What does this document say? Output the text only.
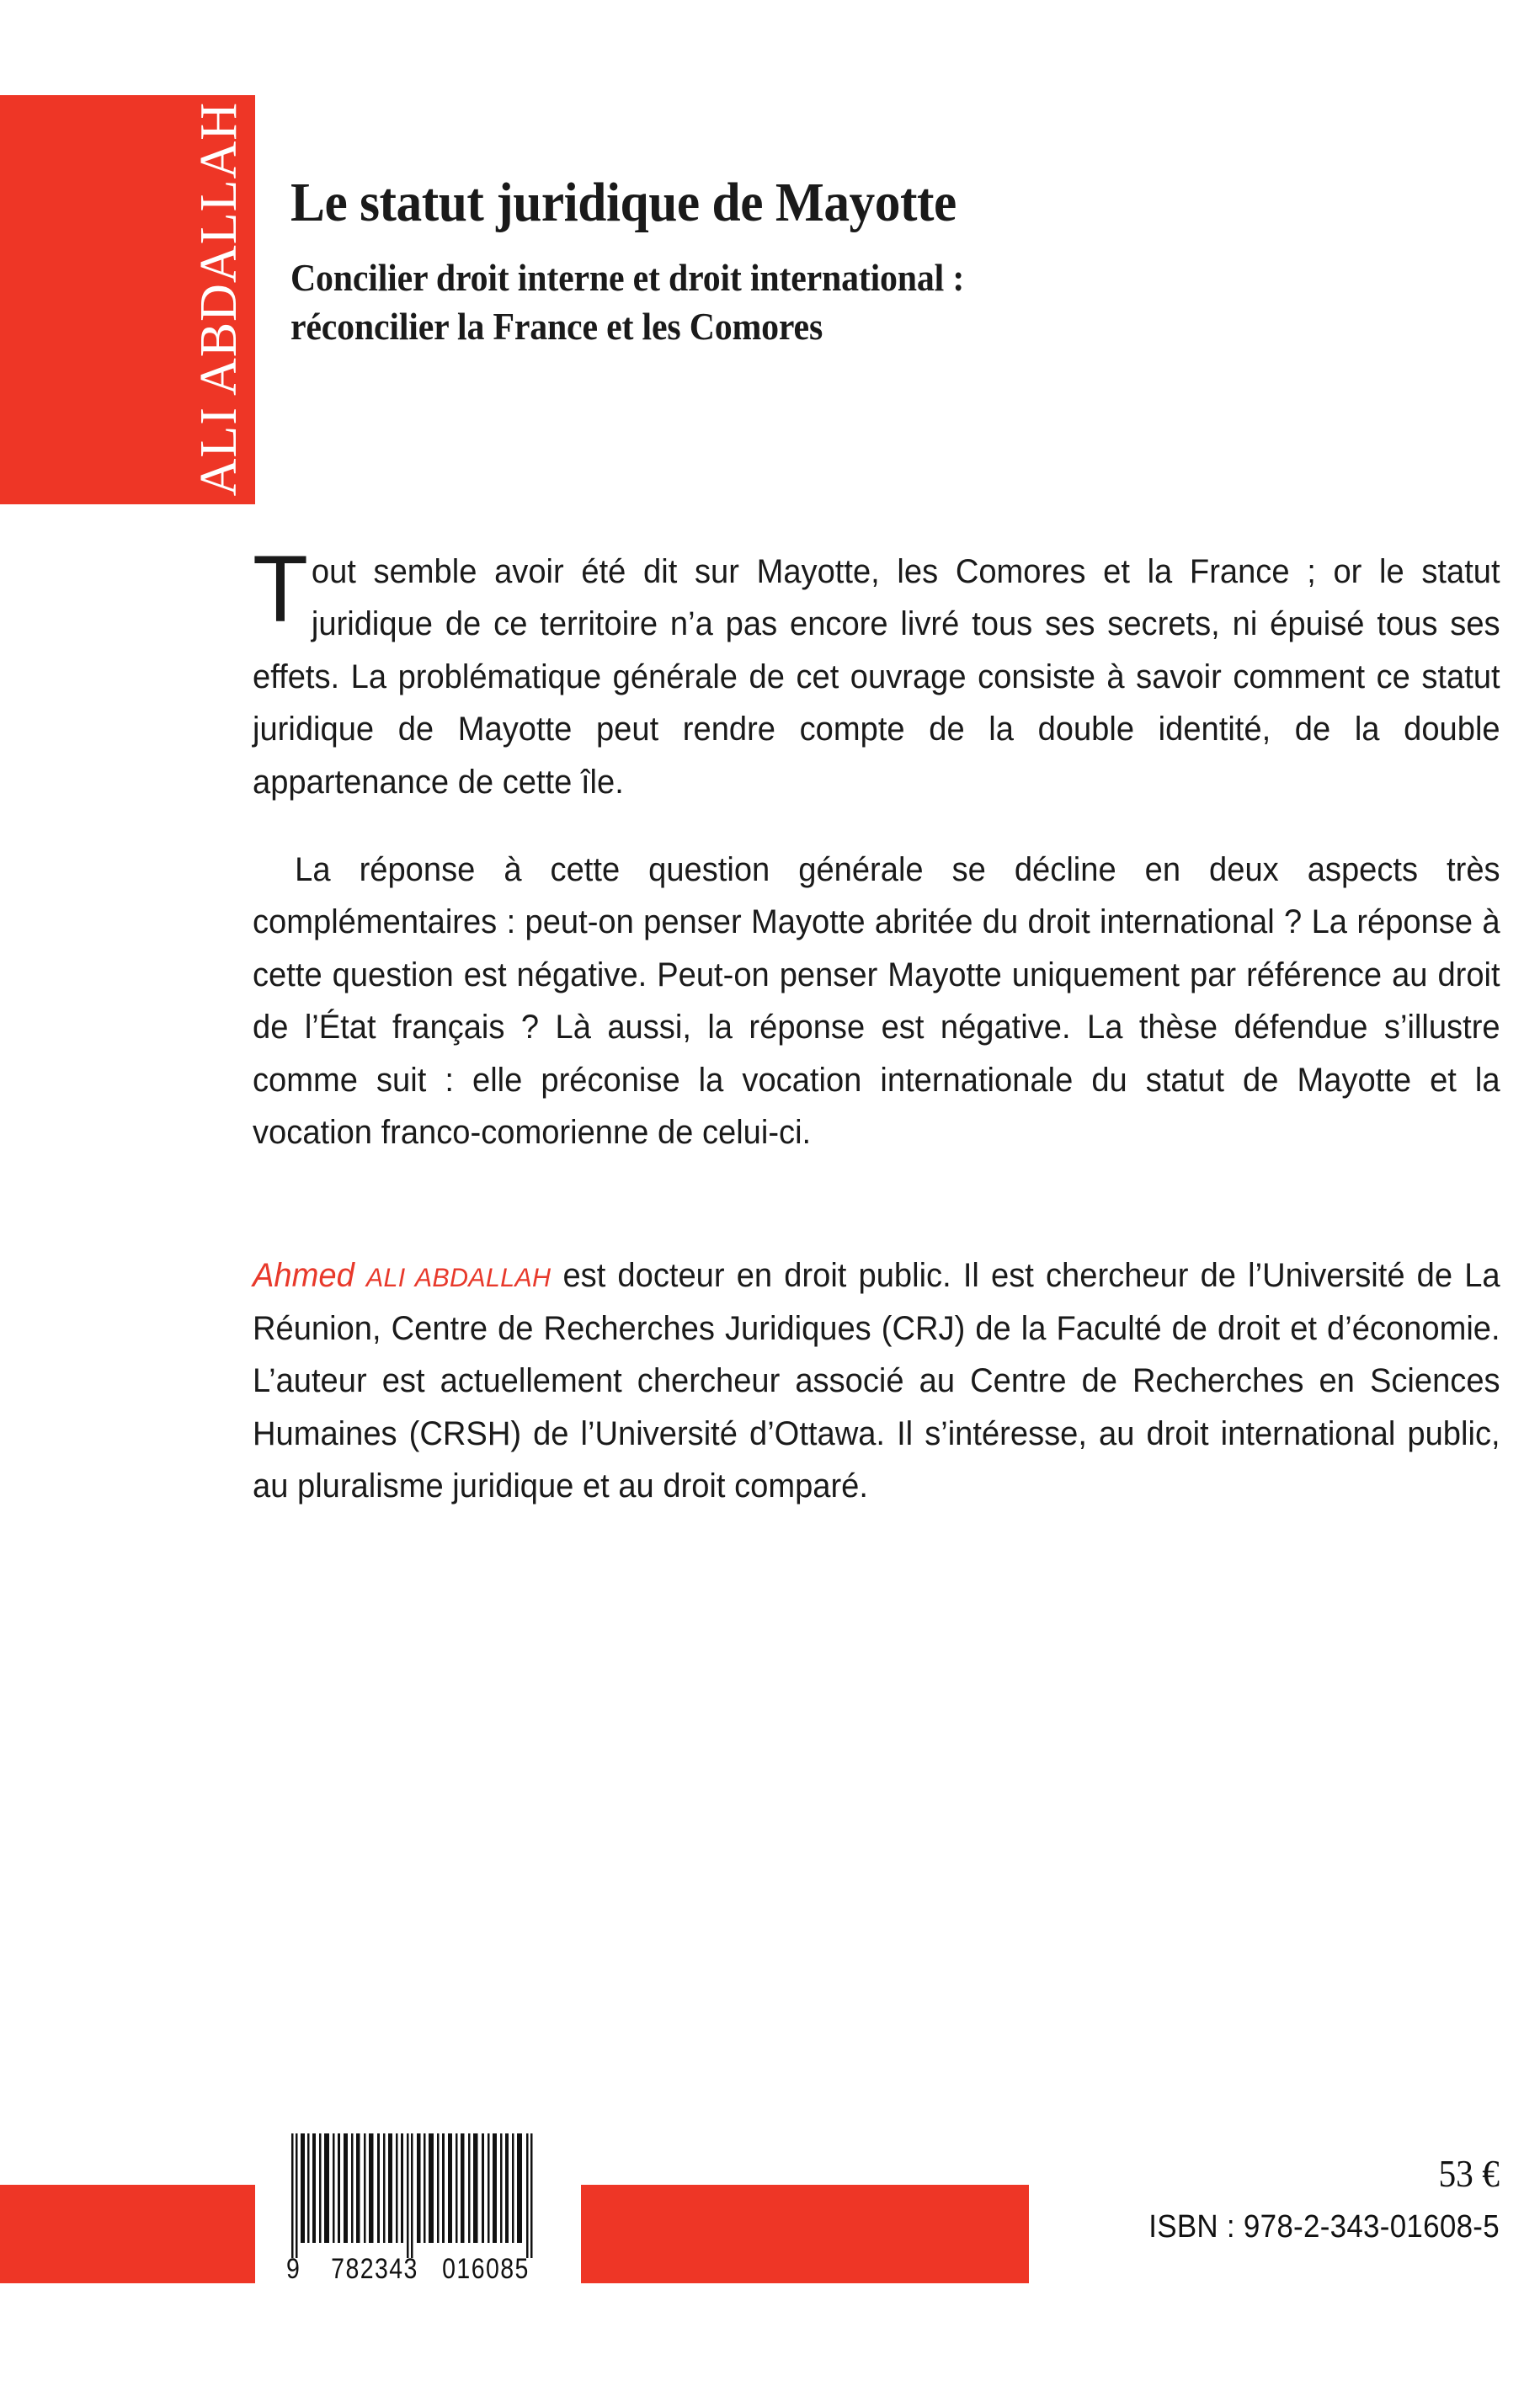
Ahmed
ALI ABDALLAH Le statut juridique de Mayotte
Concilier droit interne et droit international :
réconcilier la France et les Comores

Tout semble avoir été dit sur Mayotte, les Comores et la France ; or le statut juridique de ce territoire n’a pas encore livré tous ses secrets, ni épuisé tous ses effets. La problématique générale de cet ouvrage consiste à savoir comment ce statut juridique de Mayotte peut rendre compte de la double identité, de la double appartenance de cette île.

La réponse à cette question générale se décline en deux aspects très complémentaires : peut-on penser Mayotte abritée du droit international ? La réponse à cette question est négative. Peut-on penser Mayotte uniquement par référence au droit de l’État français ? Là aussi, la réponse est négative. La thèse défendue s’illustre comme suit : elle préconise la vocation internationale du statut de Mayotte et la vocation franco-comorienne de celui-ci.

Ahmed ALI ABDALLAH est docteur en droit public. Il est chercheur de l’Université de La Réunion, Centre de Recherches Juridiques (CRJ) de la Faculté de droit et d’économie. L’auteur est actuellement chercheur associé au Centre de Recherches en Sciences Humaines (CRSH) de l’Université d’Ottawa. Il s’intéresse, au droit international public, au pluralisme juridique et au droit comparé.

9 782343 016085
53 €
ISBN : 978-2-343-01608-5
